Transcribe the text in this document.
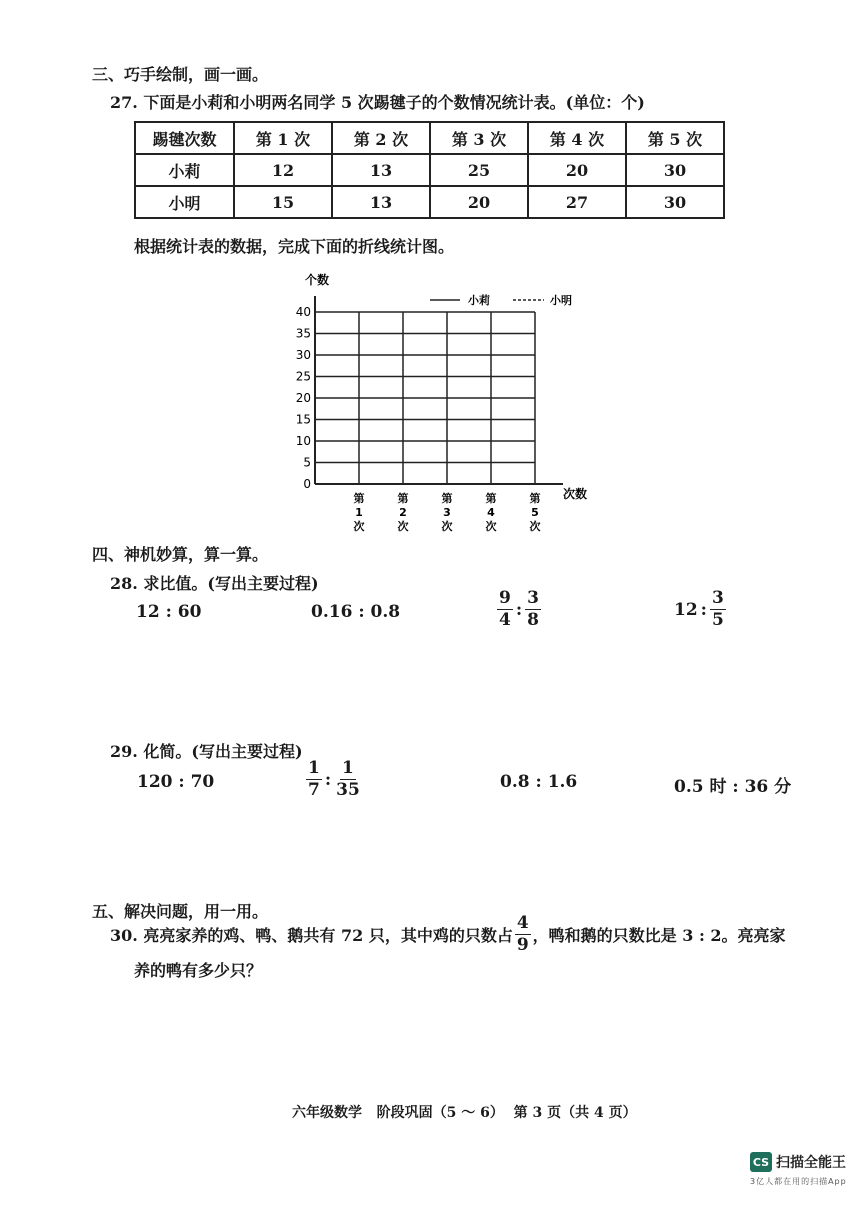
三、巧手绘制，画一画。
27. 下面是小莉和小明两名同学 5 次踢毽子的个数情况统计表。(单位：个)
踢毽次数	第 1 次	第 2 次	第 3 次	第 4 次	第 5 次
小莉	12	13	25	20	30
小明	15	13	20	27	30
根据统计表的数据，完成下面的折线统计图。
0
5
10
15
20
25
30
35
40
个数
次数
第
1
次
第
2
次
第
3
次
第
4
次
第
5
次
小莉	小明
四、神机妙算，算一算。
28. 求比值。(写出主要过程)
12 : 60	0.16 : 0.8	$\frac{9}{4}$ : $\frac{3}{8}$	12 : $\frac{3}{5}$
29. 化简。(写出主要过程)
120 : 70	$\frac{1}{7}$ : $\frac{1}{35}$	0.8 : 1.6	0.5 时 : 36 分
五、解决问题，用一用。
30. 亮亮家养的鸡、鸭、鹅共有 72 只，其中鸡的只数占 $\frac{4}{9}$ ，鸭和鹅的只数比是 3 : 2。亮亮家
养的鸭有多少只？
六年级数学   阶段巩固（5 ～ 6）  第 3 页（共 4 页）
CS 扫描全能王
3亿人都在用的扫描App
